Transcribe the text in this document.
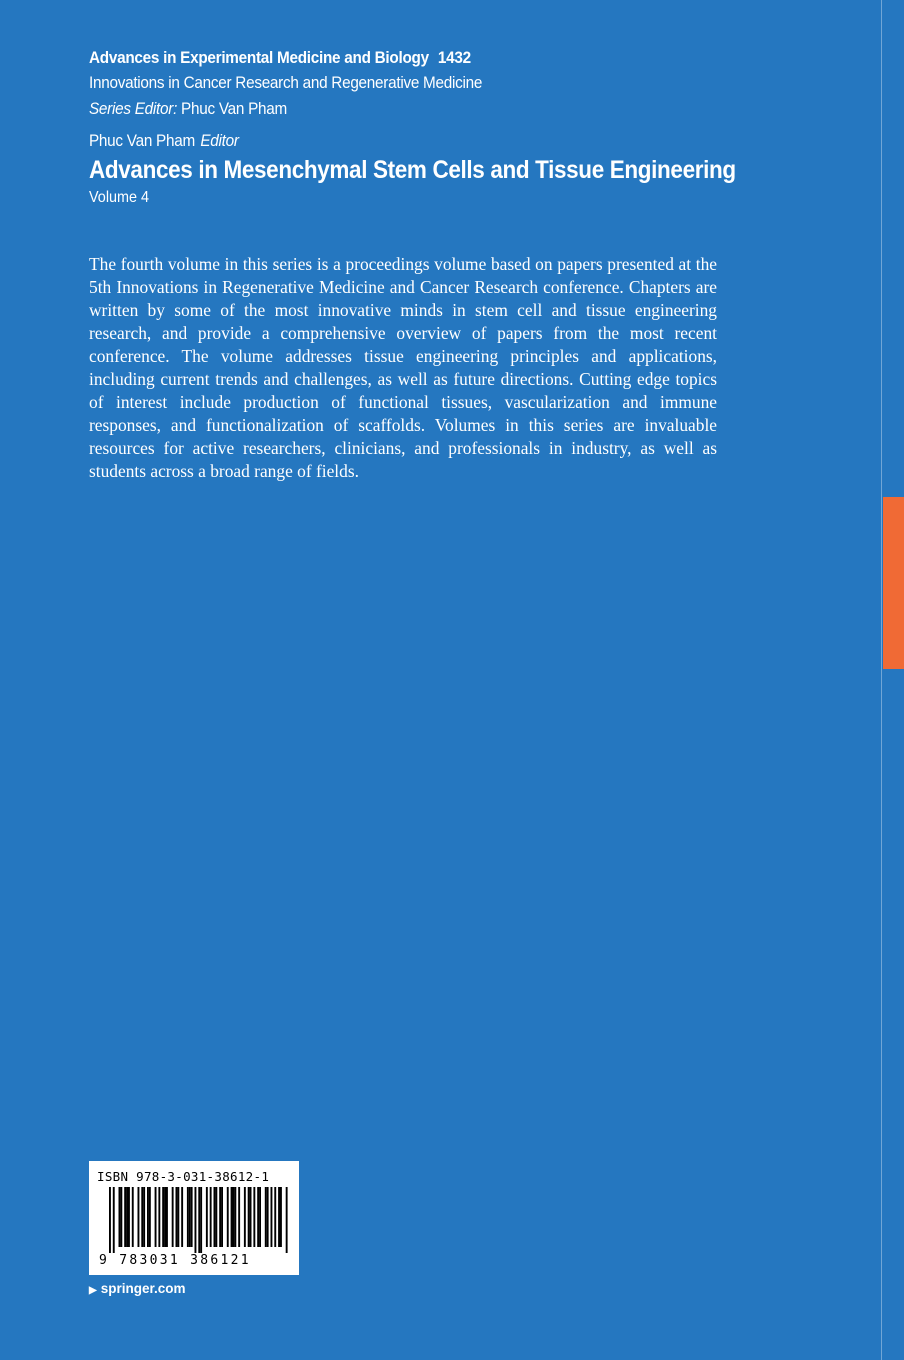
Advances in Experimental Medicine and Biology 1432
Innovations in Cancer Research and Regenerative Medicine
Series Editor: Phuc Van Pham
Phuc Van Pham Editor
Advances in Mesenchymal Stem Cells and Tissue Engineering
Volume 4

The fourth volume in this series is a proceedings volume based on papers presented at the 5th Innovations in Regenerative Medicine and Cancer Research conference. Chapters are written by some of the most innovative minds in stem cell and tissue engineering research, and provide a comprehensive overview of papers from the most recent conference. The volume addresses tissue engineering principles and applications, including current trends and challenges, as well as future directions. Cutting edge topics of interest include production of functional tissues, vascularization and immune responses, and functionalization of scaffolds. Volumes in this series are invaluable resources for active researchers, clinicians, and professionals in industry, as well as students across a broad range of fields.

ISBN 978-3-031-38612-1
9 783031 386121
▶ springer.com
